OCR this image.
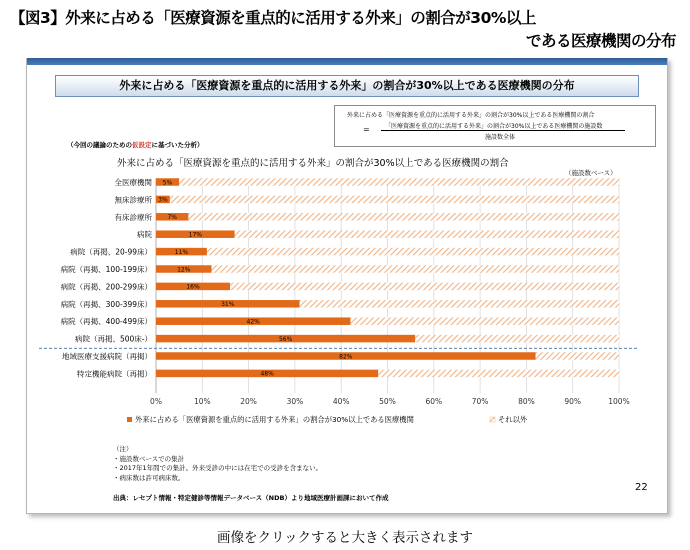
【図3】外来に占める「医療資源を重点的に活用する外来」の割合が30%以上
である医療機関の分布
外来に占める「医療資源を重点的に活用する外来」の割合が30%以上である医療機関の分布
外来に占める「医療資源を重点的に活用する外来」の割合が30%以上である医療機関の割合
=	「医療資源を重点的に活用する外来」の割合が30%以上である医療機関の施設数
施設数全体
（今回の議論のための仮設定に基づいた分析）
外来に占める「医療資源を重点的に活用する外来」の割合が30%以上である医療機関の割合
（施設数ベース）
5%
3%
7%
17%
11%
12%
16%
31%
42%
56%
82%
48%
全医療機関
無床診療所
有床診療所
病院
病院（再掲、20-99床）
病院（再掲、100-199床）
病院（再掲、200-299床）
病院（再掲、300-399床）
病院（再掲、400-499床）
病院（再掲、500床-）
地域医療支援病院（再掲）
特定機能病院（再掲）
0%	10%	20%	30%	40%	50%	60%	70%	80%	90%	100%
外来に占める「医療資源を重点的に活用する外来」の割合が30%以上である医療機関	それ以外
（注）
・施設数ベースでの集計
・2017年1年間での集計。外来受診の中には在宅での受診を含まない。
・病床数は許可病床数。
22
出典：レセプト情報・特定健診等情報データベース（NDB）より地域医療計画課において作成
画像をクリックすると大きく表示されます
